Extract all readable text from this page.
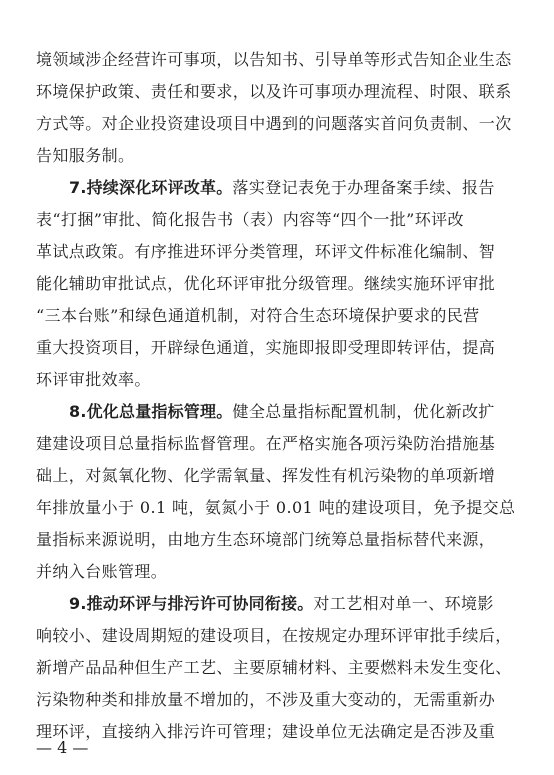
境领域涉企经营许可事项，以告知书、引导单等形式告知企业生态
环境保护政策、责任和要求，以及许可事项办理流程、时限、联系
方式等。对企业投资建设项目中遇到的问题落实首问负责制、一次
告知服务制。
7.持续深化环评改革。落实登记表免于办理备案手续、报告
表“打捆”审批、简化报告书（表）内容等“四个一批”环评改
革试点政策。有序推进环评分类管理，环评文件标准化编制、智
能化辅助审批试点，优化环评审批分级管理。继续实施环评审批
“三本台账”和绿色通道机制，对符合生态环境保护要求的民营
重大投资项目，开辟绿色通道，实施即报即受理即转评估，提高
环评审批效率。
8.优化总量指标管理。健全总量指标配置机制，优化新改扩
建建设项目总量指标监督管理。在严格实施各项污染防治措施基
础上，对氮氧化物、化学需氧量、挥发性有机污染物的单项新增
年排放量小于 0.1 吨，氨氮小于 0.01 吨的建设项目，免予提交总
量指标来源说明，由地方生态环境部门统筹总量指标替代来源，
并纳入台账管理。
9.推动环评与排污许可协同衔接。对工艺相对单一、环境影
响较小、建设周期短的建设项目，在按规定办理环评审批手续后，
新增产品品种但生产工艺、主要原辅材料、主要燃料未发生变化、
污染物种类和排放量不增加的，不涉及重大变动的，无需重新办
理环评，直接纳入排污许可管理；建设单位无法确定是否涉及重
— 4 —
